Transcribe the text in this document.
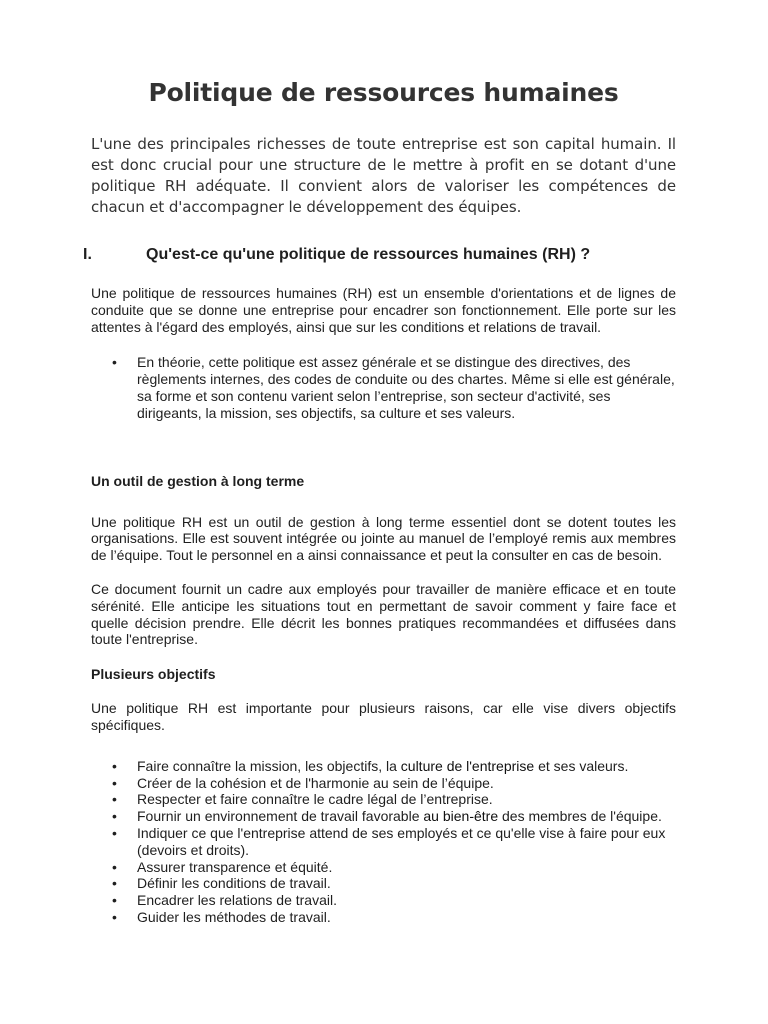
Politique de ressources humaines

L'une des principales richesses de toute entreprise est son capital humain. Il est donc crucial pour une structure de le mettre à profit en se dotant d'une politique RH adéquate. Il convient alors de valoriser les compétences de chacun et d'accompagner le développement des équipes.

I.	Qu'est-ce qu'une politique de ressources humaines (RH) ?

Une politique de ressources humaines (RH) est un ensemble d'orientations et de lignes de conduite que se donne une entreprise pour encadrer son fonctionnement. Elle porte sur les attentes à l'égard des employés, ainsi que sur les conditions et relations de travail.

• En théorie, cette politique est assez générale et se distingue des directives, des règlements internes, des codes de conduite ou des chartes. Même si elle est générale, sa forme et son contenu varient selon l’entreprise, son secteur d'activité, ses dirigeants, la mission, ses objectifs, sa culture et ses valeurs.
Un outil de gestion à long terme

Une politique RH est un outil de gestion à long terme essentiel dont se dotent toutes les organisations. Elle est souvent intégrée ou jointe au manuel de l’employé remis aux membres de l’équipe. Tout le personnel en a ainsi connaissance et peut la consulter en cas de besoin.

Ce document fournit un cadre aux employés pour travailler de manière efficace et en toute sérénité. Elle anticipe les situations tout en permettant de savoir comment y faire face et quelle décision prendre. Elle décrit les bonnes pratiques recommandées et diffusées dans toute l'entreprise.

Plusieurs objectifs

Une politique RH est importante pour plusieurs raisons, car elle vise divers objectifs spécifiques.

• Faire connaître la mission, les objectifs, la culture de l'entreprise et ses valeurs.
• Créer de la cohésion et de l'harmonie au sein de l’équipe.
• Respecter et faire connaître le cadre légal de l’entreprise.
• Fournir un environnement de travail favorable au bien-être des membres de l'équipe.
• Indiquer ce que l'entreprise attend de ses employés et ce qu'elle vise à faire pour eux (devoirs et droits).
• Assurer transparence et équité.
• Définir les conditions de travail.
• Encadrer les relations de travail.
• Guider les méthodes de travail.
